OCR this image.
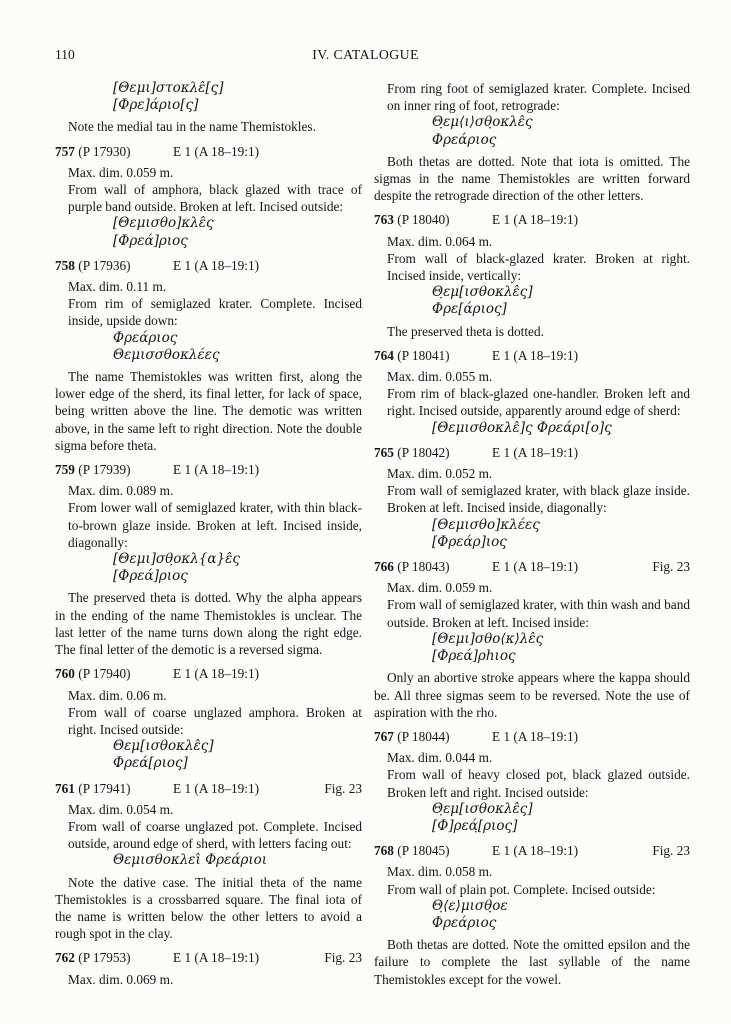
110	IV. CATALOGUE
[Θεμι]στοκλε̂[ς̣]
[Φρε]άριο[ς]
Note the medial tau in the name Themistokles.
757 (P 17930)	E 1 (A 18–19:1)
Max. dim. 0.059 m.
From wall of amphora, black glazed with trace of purple band outside. Broken at left. Incised outside:
[Θεμισθο]κλε̂ς
[Φρεά]ριος
758 (P 17936)	E 1 (A 18–19:1)
Max. dim. 0.11 m.
From rim of semiglazed krater. Complete. Incised inside, upside down:
Φρεάριος
Θεμισσθοκλέες
The name Themistokles was written first, along the lower edge of the sherd, its final letter, for lack of space, being written above the line. The demotic was written above, in the same left to right direction. Note the double sigma before theta.
759 (P 17939)	E 1 (A 18–19:1)
Max. dim. 0.089 m.
From lower wall of semiglazed krater, with thin black-to-brown glaze inside. Broken at left. Incised inside, diagonally:
[Θεμι]σθ̣οκλ{α}ε̂ς
[Φρεά]ριος
The preserved theta is dotted. Why the alpha appears in the ending of the name Themistokles is unclear. The last letter of the name turns down along the right edge. The final letter of the demotic is a reversed sigma.
760 (P 17940)	E 1 (A 18–19:1)
Max. dim. 0.06 m.
From wall of coarse unglazed amphora. Broken at right. Incised outside:
Θεμ[ισθοκλε̂ς]
Φρεά[ριος]
761 (P 17941)	E 1 (A 18–19:1)	Fig. 23
Max. dim. 0.054 m.
From wall of coarse unglazed pot. Complete. Incised outside, around edge of sherd, with letters facing out:
Θεμισθοκλει̂ Φρεάριοι
Note the dative case. The initial theta of the name Themistokles is a crossbarred square. The final iota of the name is written below the other letters to avoid a rough spot in the clay.
762 (P 17953)	E 1 (A 18–19:1)	Fig. 23
Max. dim. 0.069 m.
From ring foot of semiglazed krater. Complete. Incised on inner ring of foot, retrograde:
Θ̣εμ⟨ι⟩σθ̣οκλε̂ς
Φρεάριος
Both thetas are dotted. Note that iota is omitted. The sigmas in the name Themistokles are written forward despite the retrograde direction of the other letters.
763 (P 18040)	E 1 (A 18–19:1)
Max. dim. 0.064 m.
From wall of black-glazed krater. Broken at right. Incised inside, vertically:
Θ̣εμ[ισθοκλε̂ς]
Φρε[άριος]
The preserved theta is dotted.
764 (P 18041)	E 1 (A 18–19:1)
Max. dim. 0.055 m.
From rim of black-glazed one-handler. Broken left and right. Incised outside, apparently around edge of sherd:
[Θεμισθοκλε̂]ς̣ Φρεάρι[ο]ς̣
765 (P 18042)	E 1 (A 18–19:1)
Max. dim. 0.052 m.
From wall of semiglazed krater, with black glaze inside. Broken at left. Incised inside, diagonally:
[Θεμισθο]κλέες
[Φρεάρ]ιος
766 (P 18043)	E 1 (A 18–19:1)	Fig. 23
Max. dim. 0.059 m.
From wall of semiglazed krater, with thin wash and band outside. Broken at left. Incised inside:
[Θεμι]σθο⟨κ⟩λε̂ς
[Φρεά]ρhιος
Only an abortive stroke appears where the kappa should be. All three sigmas seem to be reversed. Note the use of aspiration with the rho.
767 (P 18044)	E 1 (A 18–19:1)
Max. dim. 0.044 m.
From wall of heavy closed pot, black glazed outside. Broken left and right. Incised outside:
Θ̣εμ[ισθοκλε̂ς]
[Φ]ρεά̣[ριος]
768 (P 18045)	E 1 (A 18–19:1)	Fig. 23
Max. dim. 0.058 m.
From wall of plain pot. Complete. Incised outside:
Θ̣⟨ε⟩μισθ̣οε
Φρεάριος
Both thetas are dotted. Note the omitted epsilon and the failure to complete the last syllable of the name Themistokles except for the vowel.
